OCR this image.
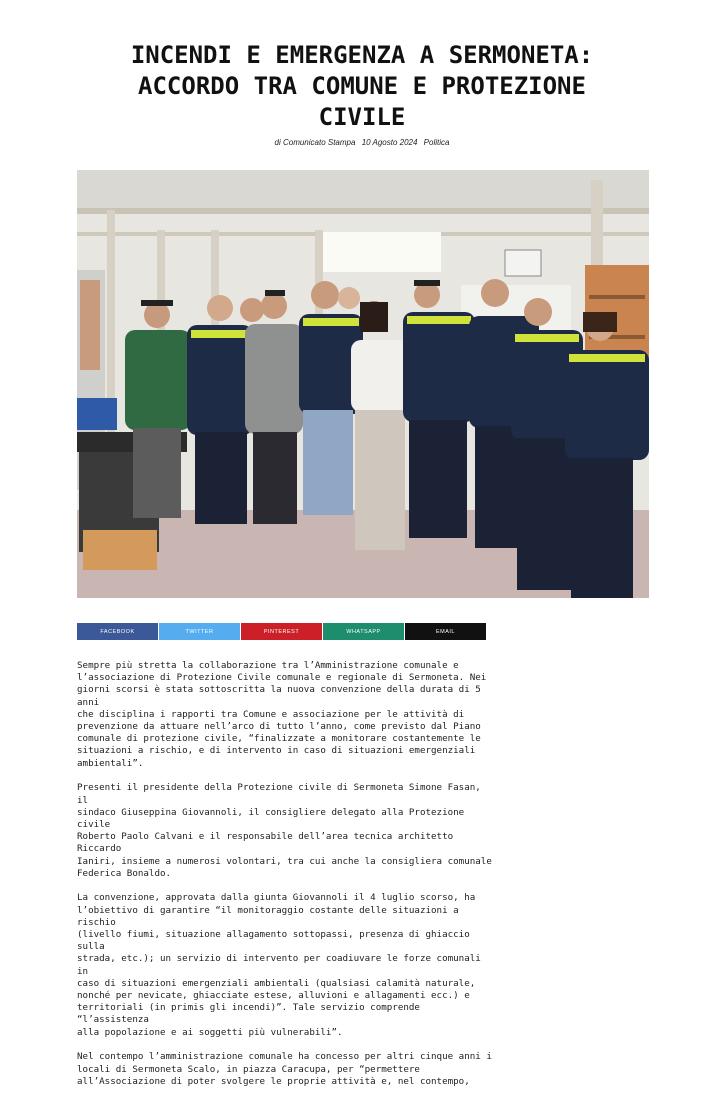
INCENDI E EMERGENZA A SERMONETA:
ACCORDO TRA COMUNE E PROTEZIONE
CIVILE
di Comunicato Stampa 10 Agosto 2024 Politica
FACEBOOK	TWITTER	PINTEREST	WHATSAPP	EMAIL

Sempre più stretta la collaborazione tra l’Amministrazione comunale e
l’associazione di Protezione Civile comunale e regionale di Sermoneta. Nei
giorni scorsi è stata sottoscritta la nuova convenzione della durata di 5 anni
che disciplina i rapporti tra Comune e associazione per le attività di
prevenzione da attuare nell’arco di tutto l’anno, come previsto dal Piano
comunale di protezione civile, “finalizzate a monitorare costantemente le
situazioni a rischio, e di intervento in caso di situazioni emergenziali
ambientali”.

Presenti il presidente della Protezione civile di Sermoneta Simone Fasan, il
sindaco Giuseppina Giovannoli, il consigliere delegato alla Protezione civile
Roberto Paolo Calvani e il responsabile dell’area tecnica architetto Riccardo
Ianiri, insieme a numerosi volontari, tra cui anche la consigliera comunale
Federica Bonaldo.

La convenzione, approvata dalla giunta Giovannoli il 4 luglio scorso, ha
l’obiettivo di garantire “il monitoraggio costante delle situazioni a rischio
(livello fiumi, situazione allagamento sottopassi, presenza di ghiaccio sulla
strada, etc.); un servizio di intervento per coadiuvare le forze comunali in
caso di situazioni emergenziali ambientali (qualsiasi calamità naturale,
nonché per nevicate, ghiacciate estese, alluvioni e allagamenti ecc.) e
territoriali (in primis gli incendi)”. Tale servizio comprende “l’assistenza
alla popolazione e ai soggetti più vulnerabili”.

Nel contempo l’amministrazione comunale ha concesso per altri cinque anni i
locali di Sermoneta Scalo, in piazza Caracupa, per “permettere
all’Associazione di poter svolgere le proprie attività e, nel contempo,
